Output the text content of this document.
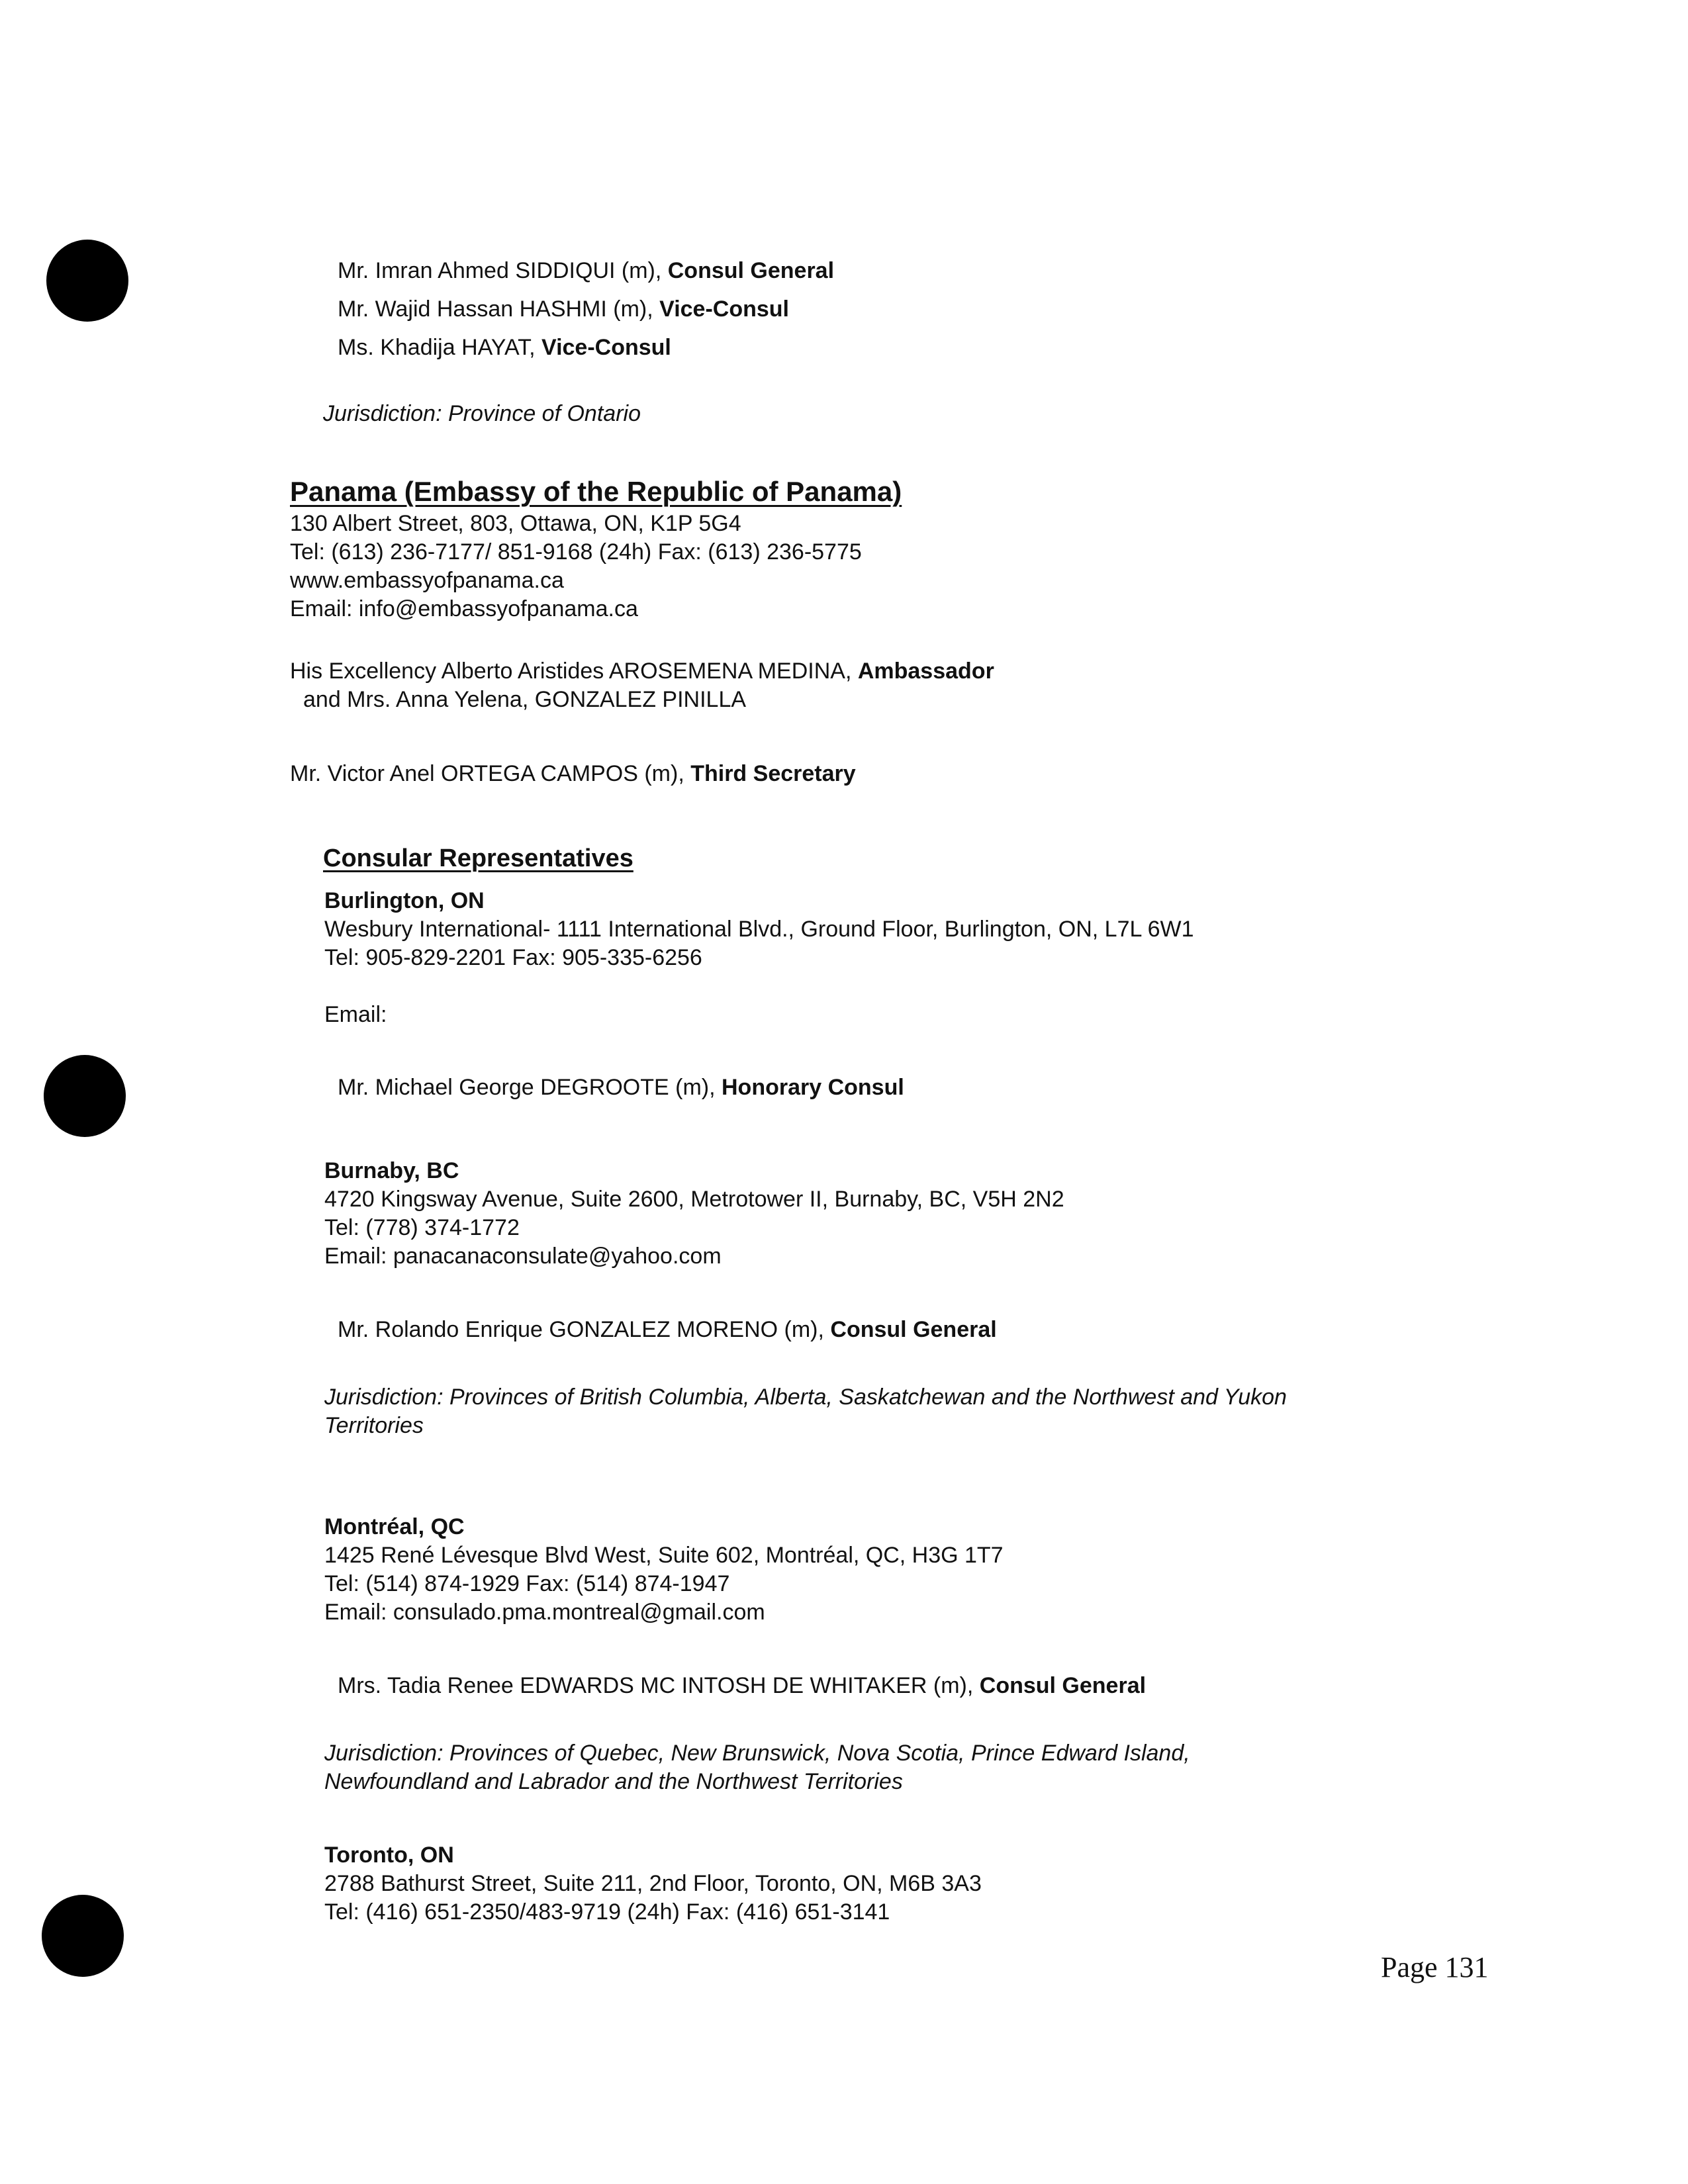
Mr. Imran Ahmed SIDDIQUI (m), Consul General
Mr. Wajid Hassan HASHMI (m), Vice-Consul
Ms. Khadija HAYAT, Vice-Consul
Jurisdiction: Province of Ontario
Panama (Embassy of the Republic of Panama)
130 Albert Street, 803, Ottawa, ON, K1P 5G4
Tel: (613) 236-7177/ 851-9168 (24h) Fax: (613) 236-5775
www.embassyofpanama.ca
Email: info@embassyofpanama.ca
His Excellency Alberto Aristides AROSEMENA MEDINA, Ambassador
and Mrs. Anna Yelena, GONZALEZ PINILLA
Mr. Victor Anel ORTEGA CAMPOS (m), Third Secretary
Consular Representatives
Burlington, ON
Wesbury International- 1111 International Blvd., Ground Floor, Burlington, ON, L7L 6W1
Tel: 905-829-2201 Fax: 905-335-6256
Email:
Mr. Michael George DEGROOTE (m), Honorary Consul
Burnaby, BC
4720 Kingsway Avenue, Suite 2600, Metrotower II, Burnaby, BC, V5H 2N2
Tel: (778) 374-1772
Email: panacanaconsulate@yahoo.com
Mr. Rolando Enrique GONZALEZ MORENO (m), Consul General
Jurisdiction: Provinces of British Columbia, Alberta, Saskatchewan and the Northwest and Yukon
Territories
Montréal, QC
1425 René Lévesque Blvd West, Suite 602, Montréal, QC, H3G 1T7
Tel: (514) 874-1929 Fax: (514) 874-1947
Email: consulado.pma.montreal@gmail.com
Mrs. Tadia Renee EDWARDS MC INTOSH DE WHITAKER (m), Consul General
Jurisdiction: Provinces of Quebec, New Brunswick, Nova Scotia, Prince Edward Island,
Newfoundland and Labrador and the Northwest Territories
Toronto, ON
2788 Bathurst Street, Suite 211, 2nd Floor, Toronto, ON, M6B 3A3
Tel: (416) 651-2350/483-9719 (24h) Fax: (416) 651-3141
Page 131
